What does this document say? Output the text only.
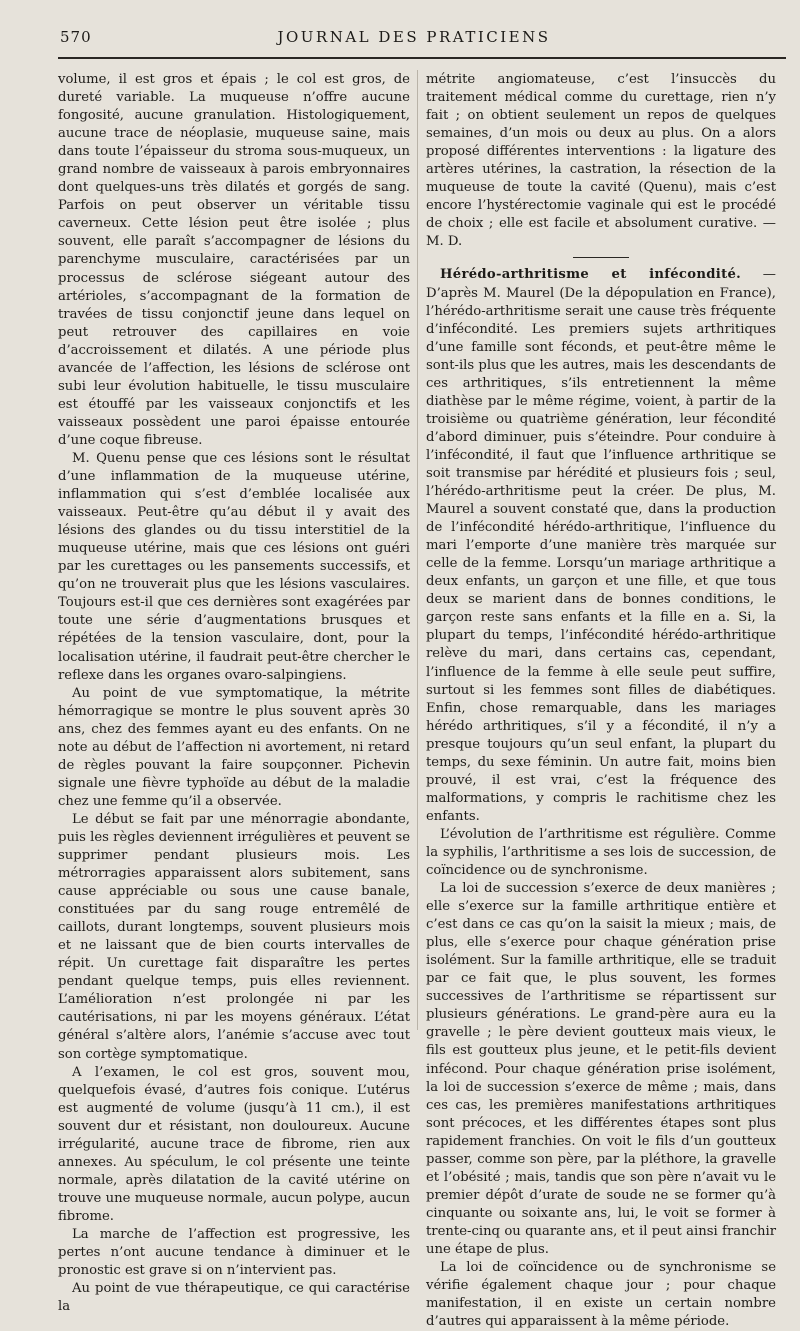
570	JOURNAL DES PRATICIENS

volume, il est gros et épais ; le col est gros, de dureté variable. La muqueuse n’offre aucune fongosité, aucune granulation. Histologiquement, aucune trace de néoplasie, muqueuse saine, mais dans toute l’épaisseur du stroma sous-muqueux, un grand nombre de vaisseaux à parois embryonnaires dont quelques-uns très dilatés et gorgés de sang. Parfois on peut observer un véritable tissu caverneux. Cette lésion peut être isolée ; plus souvent, elle paraît s’accompagner de lésions du parenchyme musculaire, caractérisées par un processus de sclérose siégeant autour des artérioles, s’accompagnant de la formation de travées de tissu conjonctif jeune dans lequel on peut retrouver des capillaires en voie d’accroissement et dilatés. A une période plus avancée de l’affection, les lésions de sclérose ont subi leur évolution habituelle, le tissu musculaire est étouffé par les vaisseaux conjonctifs et les vaisseaux possèdent une paroi épaisse entourée d’une coque fibreuse.

M. Quenu pense que ces lésions sont le résultat d’une inflammation de la muqueuse utérine, inflammation qui s’est d’emblée localisée aux vaisseaux. Peut-être qu’au début il y avait des lésions des glandes ou du tissu interstitiel de la muqueuse utérine, mais que ces lésions ont guéri par les curettages ou les pansements successifs, et qu’on ne trouverait plus que les lésions vasculaires. Toujours est-il que ces dernières sont exagérées par toute une série d’augmentations brusques et répétées de la tension vasculaire, dont, pour la localisation utérine, il faudrait peut-être chercher le reflexe dans les organes ovaro-salpingiens.

Au point de vue symptomatique, la métrite hémorragique se montre le plus souvent après 30 ans, chez des femmes ayant eu des enfants. On ne note au début de l’affection ni avortement, ni retard de règles pouvant la faire soupçonner. Pichevin signale une fièvre typhoïde au début de la maladie chez une femme qu’il a observée.

Le début se fait par une ménorragie abondante, puis les règles deviennent irrégulières et peuvent se supprimer pendant plusieurs mois. Les métrorragies apparaissent alors subitement, sans cause appréciable ou sous une cause banale, constituées par du sang rouge entremêlé de caillots, durant longtemps, souvent plusieurs mois et ne laissant que de bien courts intervalles de répit. Un curettage fait disparaître les pertes pendant quelque temps, puis elles reviennent. L’amélioration n’est prolongée ni par les cautérisations, ni par les moyens généraux. L’état général s’altère alors, l’anémie s’accuse avec tout son cortège symptomatique.

A l’examen, le col est gros, souvent mou, quelquefois évasé, d’autres fois conique. L’utérus est augmenté de volume (jusqu’à 11 cm.), il est souvent dur et résistant, non douloureux. Aucune irrégularité, aucune trace de fibrome, rien aux annexes. Au spéculum, le col présente une teinte normale, après dilatation de la cavité utérine on trouve une muqueuse normale, aucun polype, aucun fibrome.

La marche de l’affection est progressive, les pertes n’ont aucune tendance à diminuer et le pronostic est grave si on n’intervient pas.

Au point de vue thérapeutique, ce qui caractérise la

métrite angiomateuse, c’est l’insuccès du traitement médical comme du curettage, rien n’y fait ; on obtient seulement un repos de quelques semaines, d’un mois ou deux au plus. On a alors proposé différentes interventions : la ligature des artères utérines, la castration, la résection de la muqueuse de toute la cavité (Quenu), mais c’est encore l’hystérectomie vaginale qui est le procédé de choix ; elle est facile et absolument curative. — M. D.

Hérédo-arthritisme et infécondité. — D’après M. Maurel (De la dépopulation en France), l’hérédo-arthritisme serait une cause très fréquente d’infécondité. Les premiers sujets arthritiques d’une famille sont féconds, et peut-être même le sont-ils plus que les autres, mais les descendants de ces arthritiques, s’ils entretiennent la même diathèse par le même régime, voient, à partir de la troisième ou quatrième génération, leur fécondité d’abord diminuer, puis s’éteindre. Pour conduire à l’infécondité, il faut que l’influence arthritique se soit transmise par hérédité et plusieurs fois ; seul, l’hérédo-arthritisme peut la créer. De plus, M. Maurel a souvent constaté que, dans la production de l’infécondité hérédo-arthritique, l’influence du mari l’emporte d’une manière très marquée sur celle de la femme. Lorsqu’un mariage arthritique a deux enfants, un garçon et une fille, et que tous deux se marient dans de bonnes conditions, le garçon reste sans enfants et la fille en a. Si, la plupart du temps, l’infécondité hérédo-arthritique relève du mari, dans certains cas, cependant, l’influence de la femme à elle seule peut suffire, surtout si les femmes sont filles de diabétiques. Enfin, chose remarquable, dans les mariages hérédo arthritiques, s’il y a fécondité, il n’y a presque toujours qu’un seul enfant, la plupart du temps, du sexe féminin. Un autre fait, moins bien prouvé, il est vrai, c’est la fréquence des malformations, y compris le rachitisme chez les enfants.

L’évolution de l’arthritisme est régulière. Comme la syphilis, l’arthritisme a ses lois de succession, de coïncidence ou de synchronisme.

La loi de succession s’exerce de deux manières ; elle s’exerce sur la famille arthritique entière et c’est dans ce cas qu’on la saisit la mieux ; mais, de plus, elle s’exerce pour chaque génération prise isolément. Sur la famille arthritique, elle se traduit par ce fait que, le plus souvent, les formes successives de l’arthritisme se répartissent sur plusieurs générations. Le grand-père aura eu la gravelle ; le père devient goutteux mais vieux, le fils est goutteux plus jeune, et le petit-fils devient infécond. Pour chaque génération prise isolément, la loi de succession s’exerce de même ; mais, dans ces cas, les premières manifestations arthritiques sont précoces, et les différentes étapes sont plus rapidement franchies. On voit le fils d’un goutteux passer, comme son père, par la pléthore, la gravelle et l’obésité ; mais, tandis que son père n’avait vu le premier dépôt d’urate de soude ne se former qu’à cinquante ou soixante ans, lui, le voit se former à trente-cinq ou quarante ans, et il peut ainsi franchir une étape de plus.

La loi de coïncidence ou de synchronisme se vérifie également chaque jour ; pour chaque manifestation, il en existe un certain nombre d’autres qui apparaissent à la même période.
